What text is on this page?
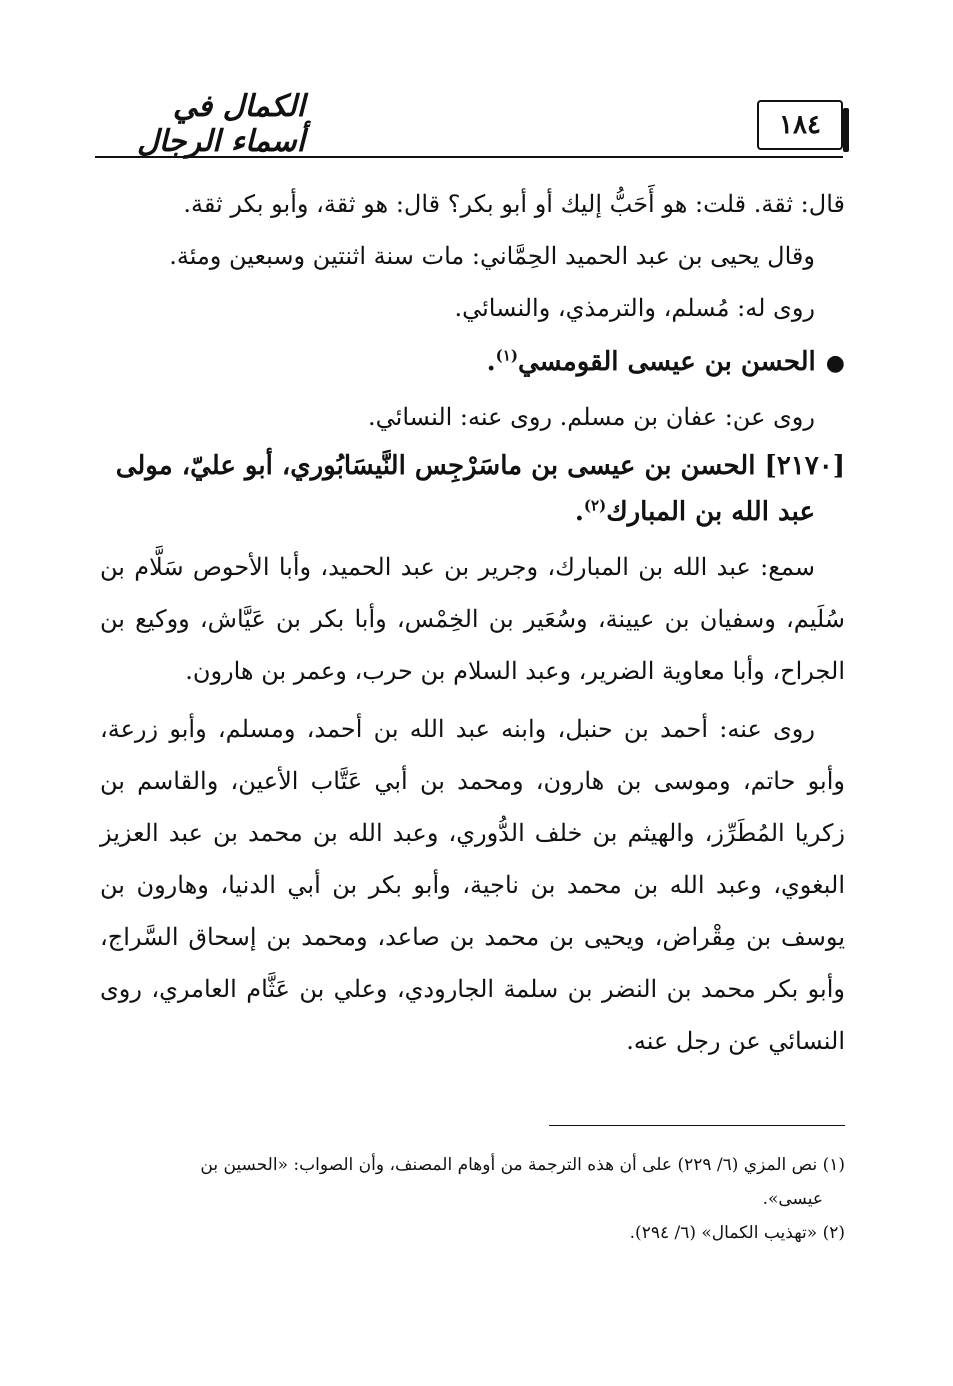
١٨٤
الكمال في أسماء الرجال

قال: ثقة. قلت: هو أَحَبُّ إليك أو أبو بكر؟ قال: هو ثقة، وأبو بكر ثقة.

وقال يحيى بن عبد الحميد الحِمَّاني: مات سنة اثنتين وسبعين ومئة.

روى له: مُسلم، والترمذي، والنسائي.

●الحسن بن عيسى القومسي$^{(١)}$.

روى عن: عفان بن مسلم. روى عنه: النسائي.

[٢١٧٠] الحسن بن عيسى بن ماسَرْجِس النَّيسَابُوري، أبو عليّ، مولى
عبد الله بن المبارك$^{(٢)}$.

سمع: عبد الله بن المبارك، وجرير بن عبد الحميد، وأبا الأحوص سَلَّام بن سُلَيم، وسفيان بن عيينة، وسُعَير بن الخِمْس، وأبا بكر بن عَيَّاش، ووكيع بن الجراح، وأبا معاوية الضرير، وعبد السلام بن حرب، وعمر بن هارون.

روى عنه: أحمد بن حنبل، وابنه عبد الله بن أحمد، ومسلم، وأبو زرعة، وأبو حاتم، وموسى بن هارون، ومحمد بن أبي عَتَّاب الأعين، والقاسم بن زكريا المُطَرِّز، والهيثم بن خلف الدُّوري، وعبد الله بن محمد بن عبد العزيز البغوي، وعبد الله بن محمد بن ناجية، وأبو بكر بن أبي الدنيا، وهارون بن يوسف بن مِقْراض، ويحيى بن محمد بن صاعد، ومحمد بن إسحاق السَّراج، وأبو بكر محمد بن النضر بن سلمة الجارودي، وعلي بن عَثَّام العامري، روى النسائي عن رجل عنه.

(١) نص المزي (٦/ ٢٢٩) على أن هذه الترجمة من أوهام المصنف، وأن الصواب: «الحسين بن

عيسى».

(٢) «تهذيب الكمال» (٦/ ٢٩٤).
